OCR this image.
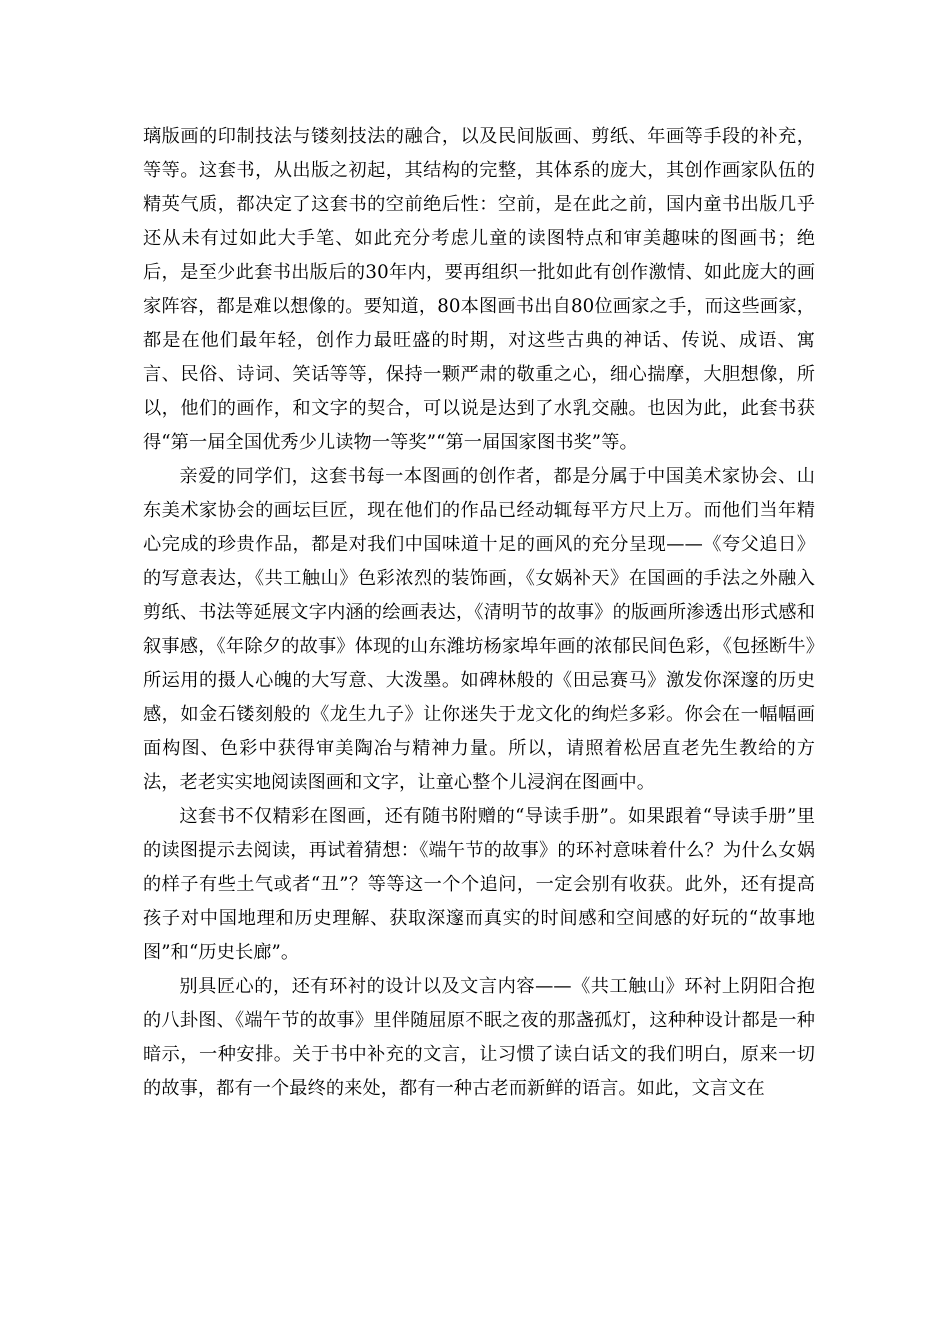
璃版画的印制技法与镂刻技法的融合，以及民间版画、剪纸、年画等手段的补充，等等。这套书，从出版之初起，其结构的完整，其体系的庞大，其创作画家队伍的精英气质，都决定了这套书的空前绝后性：空前，是在此之前，国内童书出版几乎还从未有过如此大手笔、如此充分考虑儿童的读图特点和审美趣味的图画书；绝后，是至少此套书出版后的30年内，要再组织一批如此有创作激情、如此庞大的画家阵容，都是难以想像的。要知道，80本图画书出自80位画家之手，而这些画家，都是在他们最年轻，创作力最旺盛的时期，对这些古典的神话、传说、成语、寓言、民俗、诗词、笑话等等，保持一颗严肃的敬重之心，细心揣摩，大胆想像，所以，他们的画作，和文字的契合，可以说是达到了水乳交融。也因为此，此套书获得“第一届全国优秀少儿读物一等奖”“第一届国家图书奖”等。

亲爱的同学们，这套书每一本图画的创作者，都是分属于中国美术家协会、山东美术家协会的画坛巨匠，现在他们的作品已经动辄每平方尺上万。而他们当年精心完成的珍贵作品，都是对我们中国味道十足的画风的充分呈现——《夸父追日》的写意表达，《共工触山》色彩浓烈的装饰画，《女娲补天》在国画的手法之外融入剪纸、书法等延展文字内涵的绘画表达，《清明节的故事》的版画所渗透出形式感和叙事感，《年除夕的故事》体现的山东潍坊杨家埠年画的浓郁民间色彩，《包拯断牛》所运用的摄人心魄的大写意、大泼墨。如碑林般的《田忌赛马》激发你深邃的历史感，如金石镂刻般的《龙生九子》让你迷失于龙文化的绚烂多彩。你会在一幅幅画面构图、色彩中获得审美陶冶与精神力量。所以，请照着松居直老先生教给的方法，老老实实地阅读图画和文字，让童心整个儿浸润在图画中。

这套书不仅精彩在图画，还有随书附赠的“导读手册”。如果跟着“导读手册”里的读图提示去阅读，再试着猜想：《端午节的故事》的环衬意味着什么？为什么女娲的样子有些土气或者“丑”？等等这一个个追问，一定会别有收获。此外，还有提高孩子对中国地理和历史理解、获取深邃而真实的时间感和空间感的好玩的“故事地图”和“历史长廊”。

别具匠心的，还有环衬的设计以及文言内容——《共工触山》环衬上阴阳合抱的八卦图、《端午节的故事》里伴随屈原不眠之夜的那盏孤灯，这种种设计都是一种暗示，一种安排。关于书中补充的文言，让习惯了读白话文的我们明白，原来一切的故事，都有一个最终的来处，都有一种古老而新鲜的语言。如此，文言文在
